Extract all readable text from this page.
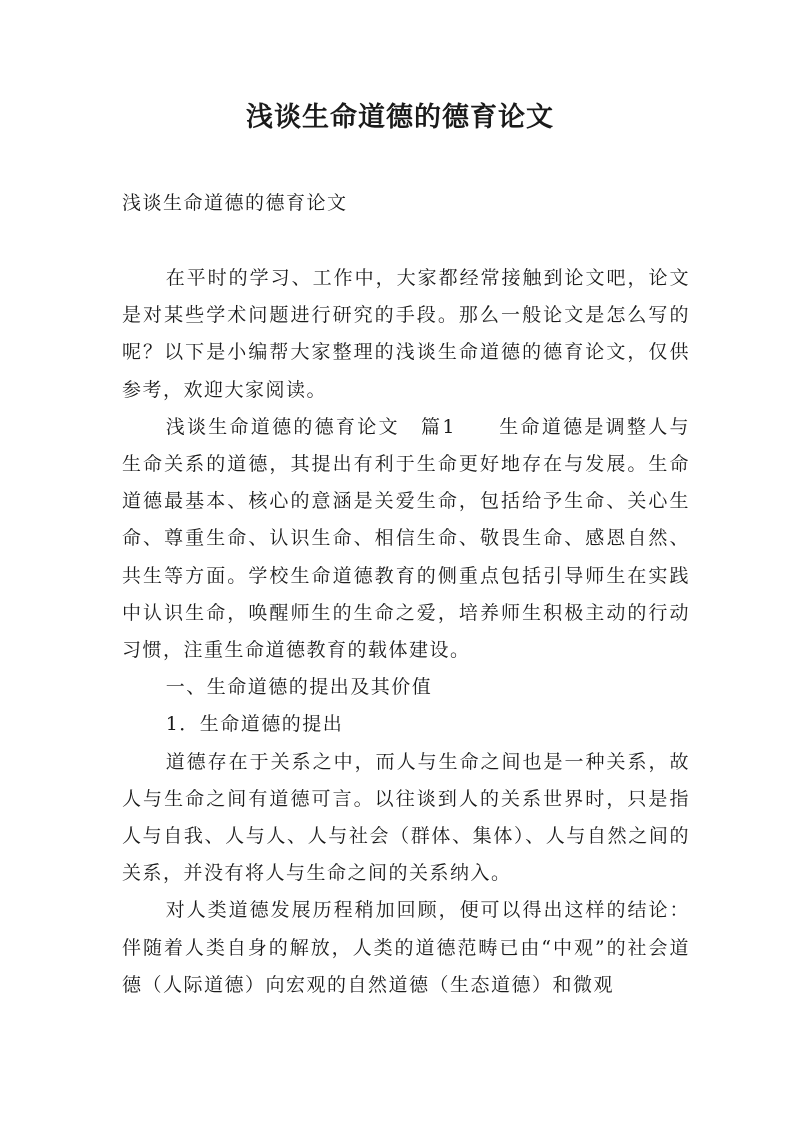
浅谈生命道德的德育论文

浅谈生命道德的德育论文

在平时的学习、工作中，大家都经常接触到论文吧，论文是对某些学术问题进行研究的手段。那么一般论文是怎么写的呢？以下是小编帮大家整理的浅谈生命道德的德育论文，仅供参考，欢迎大家阅读。

浅谈生命道德的德育论文　篇1　　生命道德是调整人与生命关系的道德，其提出有利于生命更好地存在与发展。生命道德最基本、核心的意涵是关爱生命，包括给予生命、关心生命、尊重生命、认识生命、相信生命、敬畏生命、感恩自然、共生等方面。学校生命道德教育的侧重点包括引导师生在实践中认识生命，唤醒师生的生命之爱，培养师生积极主动的行动习惯，注重生命道德教育的载体建设。

一、生命道德的提出及其价值

1．生命道德的提出

道德存在于关系之中，而人与生命之间也是一种关系，故人与生命之间有道德可言。以往谈到人的关系世界时，只是指人与自我、人与人、人与社会（群体、集体）、人与自然之间的关系，并没有将人与生命之间的关系纳入。

对人类道德发展历程稍加回顾，便可以得出这样的结论：伴随着人类自身的解放，人类的道德范畴已由“中观”的社会道德（人际道德）向宏观的自然道德（生态道德）和微观
